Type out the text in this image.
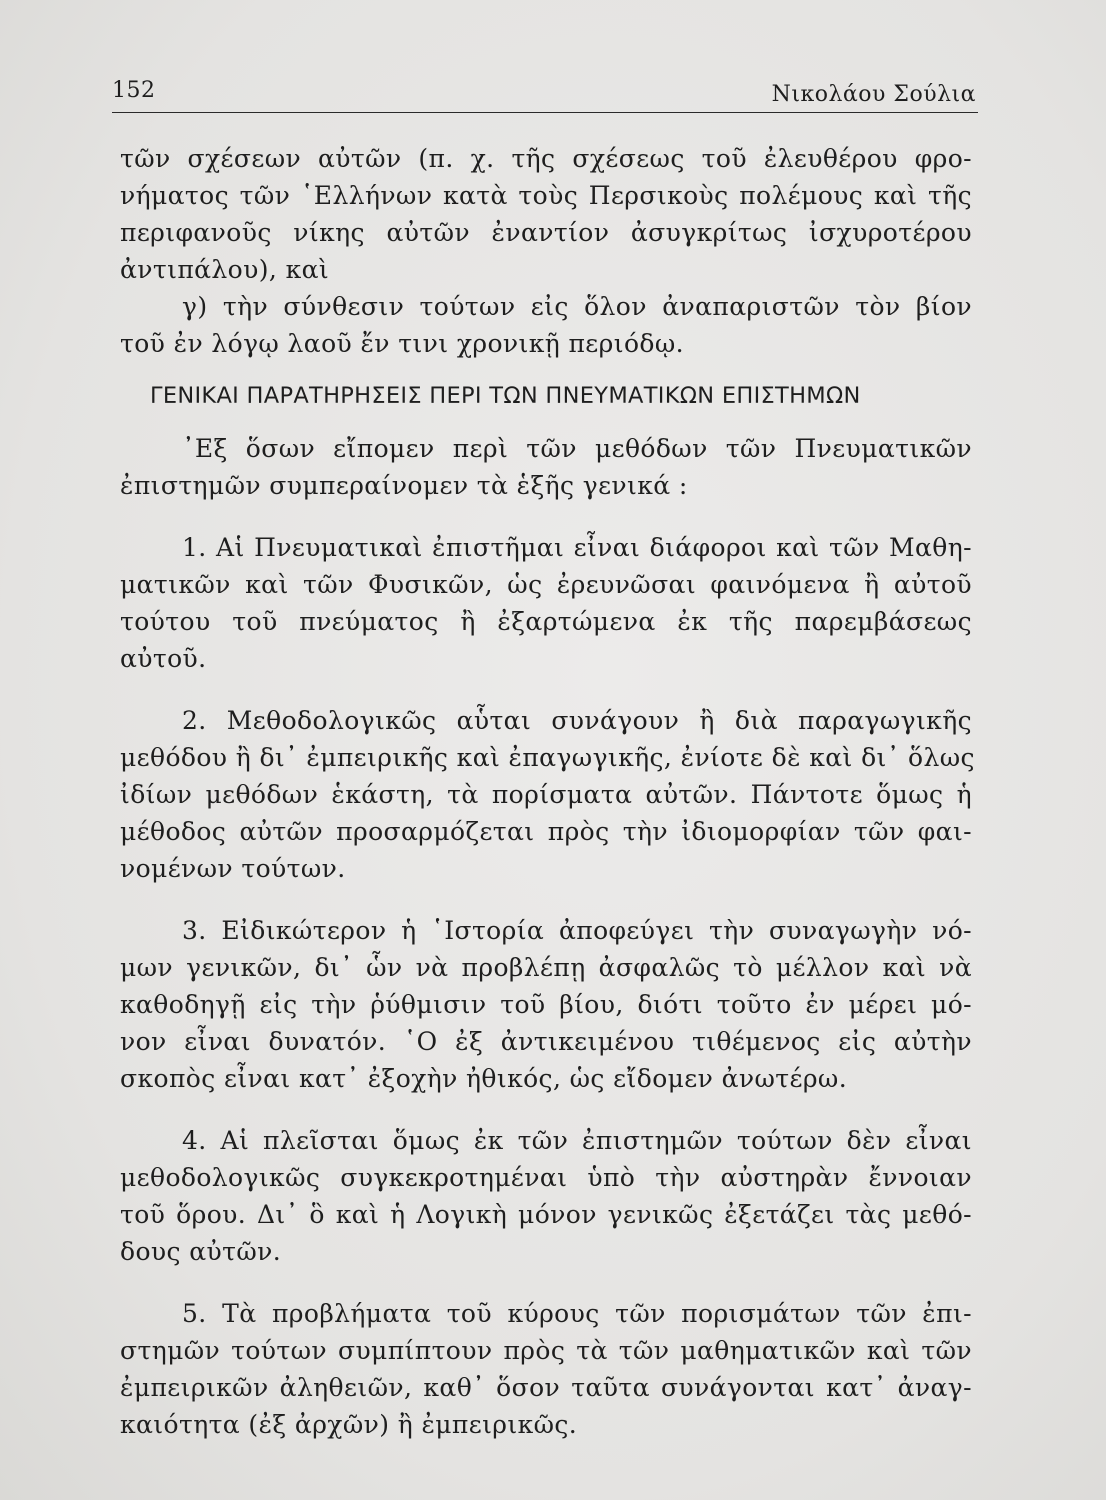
152	Νικολάου Σούλια
τῶν σχέσεων αὐτῶν (π. χ. τῆς σχέσεως τοῦ ἐλευθέρου φρο-
νήματος τῶν ῾Ελλήνων κατὰ τοὺς Περσικοὺς πολέμους καὶ τῆς
περιφανοῦς νίκης αὐτῶν ἐναντίον ἀσυγκρίτως ἰσχυροτέρου
ἀντιπάλου), καὶ
γ) τὴν σύνθεσιν τούτων εἰς ὅλον ἀναπαριστῶν τὸν βίον
τοῦ ἐν λόγῳ λαοῦ ἔν τινι χρονικῇ περιόδῳ.
ΓΕΝΙΚΑΙ ΠΑΡΑΤΗΡΗΣΕΙΣ ΠΕΡΙ ΤΩΝ ΠΝΕΥΜΑΤΙΚΩΝ ΕΠΙΣΤΗΜΩΝ
᾿Εξ ὅσων εἴπομεν περὶ τῶν μεθόδων τῶν Πνευματικῶν
ἐπιστημῶν συμπεραίνομεν τὰ ἑξῆς γενικά :
1. Αἱ Πνευματικαὶ ἐπιστῆμαι εἶναι διάφοροι καὶ τῶν Μαθη-
ματικῶν καὶ τῶν Φυσικῶν, ὡς ἐρευνῶσαι φαινόμενα ἢ αὐτοῦ
τούτου τοῦ πνεύματος ἢ ἐξαρτώμενα ἐκ τῆς παρεμβάσεως
αὐτοῦ.
2. Μεθοδολογικῶς αὗται συνάγουν ἢ διὰ παραγωγικῆς
μεθόδου ἢ δι᾿ ἐμπειρικῆς καὶ ἐπαγωγικῆς, ἐνίοτε δὲ καὶ δι᾿ ὅλως
ἰδίων μεθόδων ἑκάστη, τὰ πορίσματα αὐτῶν. Πάντοτε ὅμως ἡ
μέθοδος αὐτῶν προσαρμόζεται πρὸς τὴν ἰδιομορφίαν τῶν φαι-
νομένων τούτων.
3. Εἰδικώτερον ἡ ῾Ιστορία ἀποφεύγει τὴν συναγωγὴν νό-
μων γενικῶν, δι᾿ ὧν νὰ προβλέπῃ ἀσφαλῶς τὸ μέλλον καὶ νὰ
καθοδηγῇ εἰς τὴν ῥύθμισιν τοῦ βίου, διότι τοῦτο ἐν μέρει μό-
νον εἶναι δυνατόν. ῾Ο ἐξ ἀντικειμένου τιθέμενος εἰς αὐτὴν
σκοπὸς εἶναι κατ᾿ ἐξοχὴν ἠθικός, ὡς εἴδομεν ἀνωτέρω.
4. Αἱ πλεῖσται ὅμως ἐκ τῶν ἐπιστημῶν τούτων δὲν εἶναι
μεθοδολογικῶς συγκεκροτημέναι ὑπὸ τὴν αὐστηρὰν ἔννοιαν
τοῦ ὅρου. Δι᾿ ὃ καὶ ἡ Λογικὴ μόνον γενικῶς ἐξετάζει τὰς μεθό-
δους αὐτῶν.
5. Τὰ προβλήματα τοῦ κύρους τῶν πορισμάτων τῶν ἐπι-
στημῶν τούτων συμπίπτουν πρὸς τὰ τῶν μαθηματικῶν καὶ τῶν
ἐμπειρικῶν ἀληθειῶν, καθ᾿ ὅσον ταῦτα συνάγονται κατ᾿ ἀναγ-
καιότητα (ἐξ ἀρχῶν) ἢ ἐμπειρικῶς.
